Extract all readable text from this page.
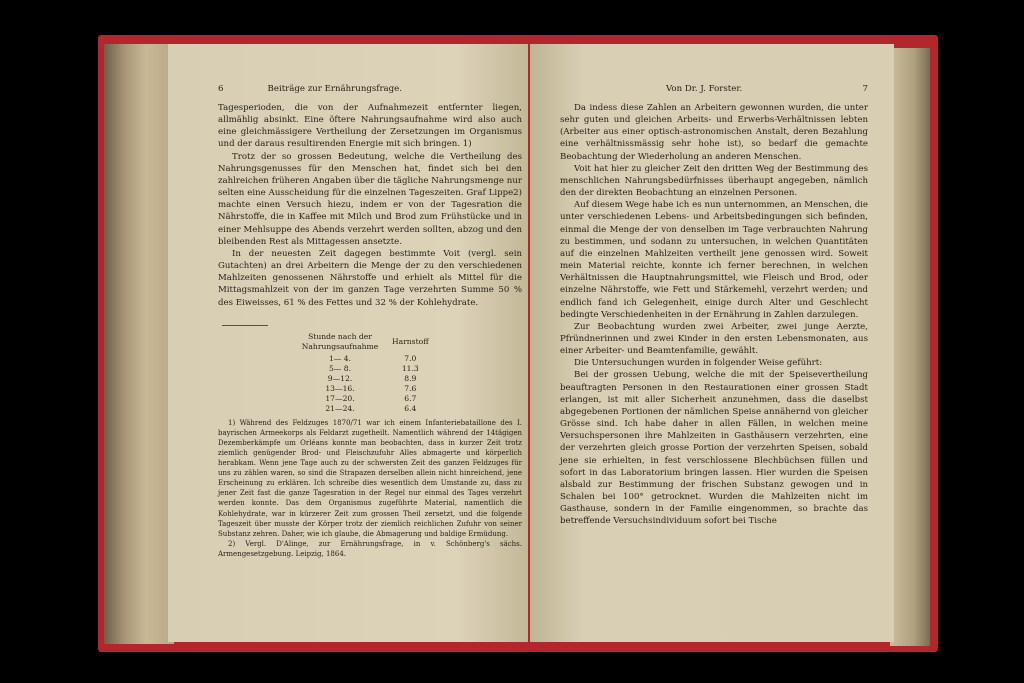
6	Beiträge zur Ernährungsfrage.

Tagesperioden, die von der Aufnahmezeit entfernter liegen, allmählig absinkt. Eine öftere Nahrungsaufnahme wird also auch eine gleichmässigere Vertheilung der Zersetzungen im Organismus und der daraus resultirenden Energie mit sich bringen. 1)

Trotz der so grossen Bedeutung, welche die Vertheilung des Nahrungsgenusses für den Menschen hat, findet sich bei den zahlreichen früheren Angaben über die tägliche Nahrungsmenge nur selten eine Ausscheidung für die einzelnen Tageszeiten. Graf Lippe2) machte einen Versuch hiezu, indem er von der Tagesration die Nährstoffe, die in Kaffee mit Milch und Brod zum Frühstücke und in einer Mehlsuppe des Abends verzehrt werden sollten, abzog und den bleibenden Rest als Mittagessen ansetzte.

In der neuesten Zeit dagegen bestimmte Voit (vergl. sein Gutachten) an drei Arbeitern die Menge der zu den verschiedenen Mahlzeiten genossenen Nährstoffe und erhielt als Mittel für die Mittagsmahlzeit von der im ganzen Tage verzehrten Summe 50 % des Eiweisses, 61 % des Fettes und 32 % der Kohlehydrate.

Stunde nach der Nahrungsaufnahme	Harnstoff
1— 4.	7.0
5— 8.	11.3
9—12.	8.9
13—16.	7.6
17—20.	6.7
21—24.	6.4

1) Während des Feldzuges 1870/71 war ich einem Infanteriebataillone des I. bayrischen Armeekorps als Feldarzt zugetheilt. Namentlich während der 14tägigen Dezemberkämpfe um Orléans konnte man beobachten, dass in kurzer Zeit trotz ziemlich genügender Brod- und Fleischzufuhr Alles abmagerte und körperlich herabkam. Wenn jene Tage auch zu der schwersten Zeit des ganzen Feldzuges für uns zu zählen waren, so sind die Strapazen derselben allein nicht hinreichend, jene Erscheinung zu erklären. Ich schreibe dies wesentlich dem Umstande zu, dass zu jener Zeit fast die ganze Tagesration in der Regel nur einmal des Tages verzehrt werden konnte. Das dem Organismus zugeführte Material, namentlich die Kohlehydrate, war in kürzerer Zeit zum grossen Theil zersetzt, und die folgende Tageszeit über musste der Körper trotz der ziemlich reichlichen Zufuhr von seiner Substanz zehren. Daher, wie ich glaube, die Abmagerung und baldige Ermüdung.

2) Vergl. D'Alinge, zur Ernährungsfrage, in v. Schönberg's sächs. Armengesetzgebung. Leipzig, 1864.

Von Dr. J. Forster.	7

Da indess diese Zahlen an Arbeitern gewonnen wurden, die unter sehr guten und gleichen Arbeits- und Erwerbs-Verhältnissen lebten (Arbeiter aus einer optisch-astronomischen Anstalt, deren Bezahlung eine verhältnissmässig sehr hohe ist), so bedarf die gemachte Beobachtung der Wiederholung an anderen Menschen.

Voit hat hier zu gleicher Zeit den dritten Weg der Bestimmung des menschlichen Nahrungsbedürfnisses überhaupt angegeben, nämlich den der direkten Beobachtung an einzelnen Personen.

Auf diesem Wege habe ich es nun unternommen, an Menschen, die unter verschiedenen Lebens- und Arbeitsbedingungen sich befinden, einmal die Menge der von denselben im Tage verbrauchten Nahrung zu bestimmen, und sodann zu untersuchen, in welchen Quantitäten auf die einzelnen Mahlzeiten vertheilt jene genossen wird. Soweit mein Material reichte, konnte ich ferner berechnen, in welchen Verhältnissen die Hauptnahrungsmittel, wie Fleisch und Brod, oder einzelne Nährstoffe, wie Fett und Stärkemehl, verzehrt werden; und endlich fand ich Gelegenheit, einige durch Alter und Geschlecht bedingte Verschiedenheiten in der Ernährung in Zahlen darzulegen.

Zur Beobachtung wurden zwei Arbeiter, zwei junge Aerzte, Pfründnerinnen und zwei Kinder in den ersten Lebensmonaten, aus einer Arbeiter- und Beamtenfamilie, gewählt.

Die Untersuchungen wurden in folgender Weise geführt:

Bei der grossen Uebung, welche die mit der Speisevertheilung beauftragten Personen in den Restaurationen einer grossen Stadt erlangen, ist mit aller Sicherheit anzunehmen, dass die daselbst abgegebenen Portionen der nämlichen Speise annähernd von gleicher Grösse sind. Ich habe daher in allen Fällen, in welchen meine Versuchspersonen ihre Mahlzeiten in Gasthäusern verzehrten, eine der verzehrten gleich grosse Portion der verzehrten Speisen, sobald jene sie erhielten, in fest verschlossene Blechbüchsen füllen und sofort in das Laboratorium bringen lassen. Hier wurden die Speisen alsbald zur Bestimmung der frischen Substanz gewogen und in Schalen bei 100° getrocknet. Wurden die Mahlzeiten nicht im Gasthause, sondern in der Familie eingenommen, so brachte das betreffende Versuchsindividuum sofort bei Tische
